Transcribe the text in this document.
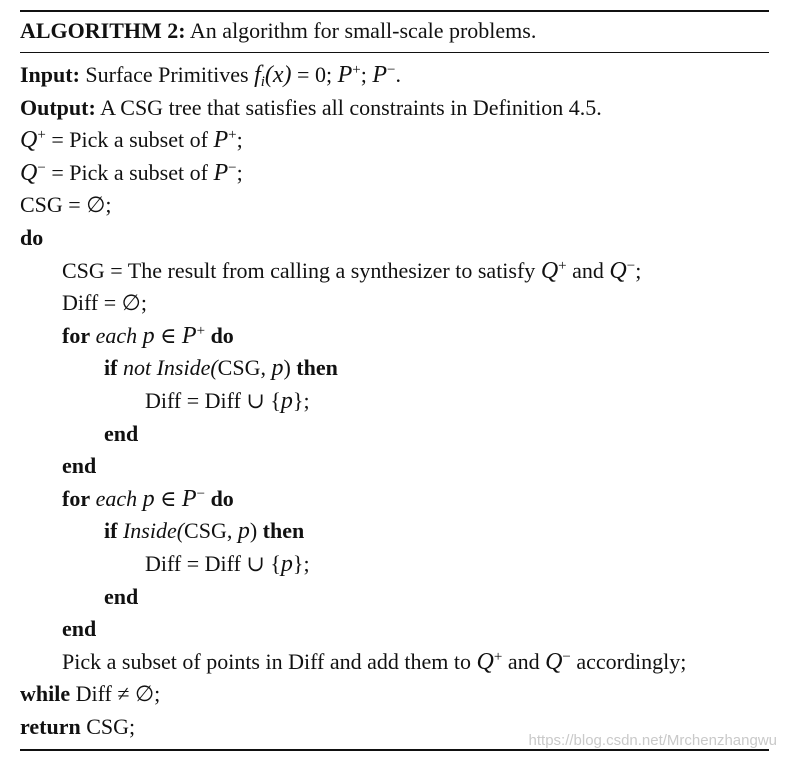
ALGORITHM 2: An algorithm for small-scale problems.
Input: Surface Primitives $f_i(x) = 0$; P+; P−.
Output: A CSG tree that satisfies all constraints in Definition 4.5.
Q+ = Pick a subset of P+;
Q− = Pick a subset of P−;
CSG = ∅;
do
CSG = The result from calling a synthesizer to satisfy Q+ and Q−;
Diff = ∅;
for each p ∈ P+ do
if not Inside(CSG, p) then
Diff = Diff ∪ {p};
end
end
for each p ∈ P− do
if Inside(CSG, p) then
Diff = Diff ∪ {p};
end
end
Pick a subset of points in Diff and add them to Q+ and Q− accordingly;
while Diff ≠ ∅;
return CSG;
https://blog.csdn.net/Mrchenzhangwu
